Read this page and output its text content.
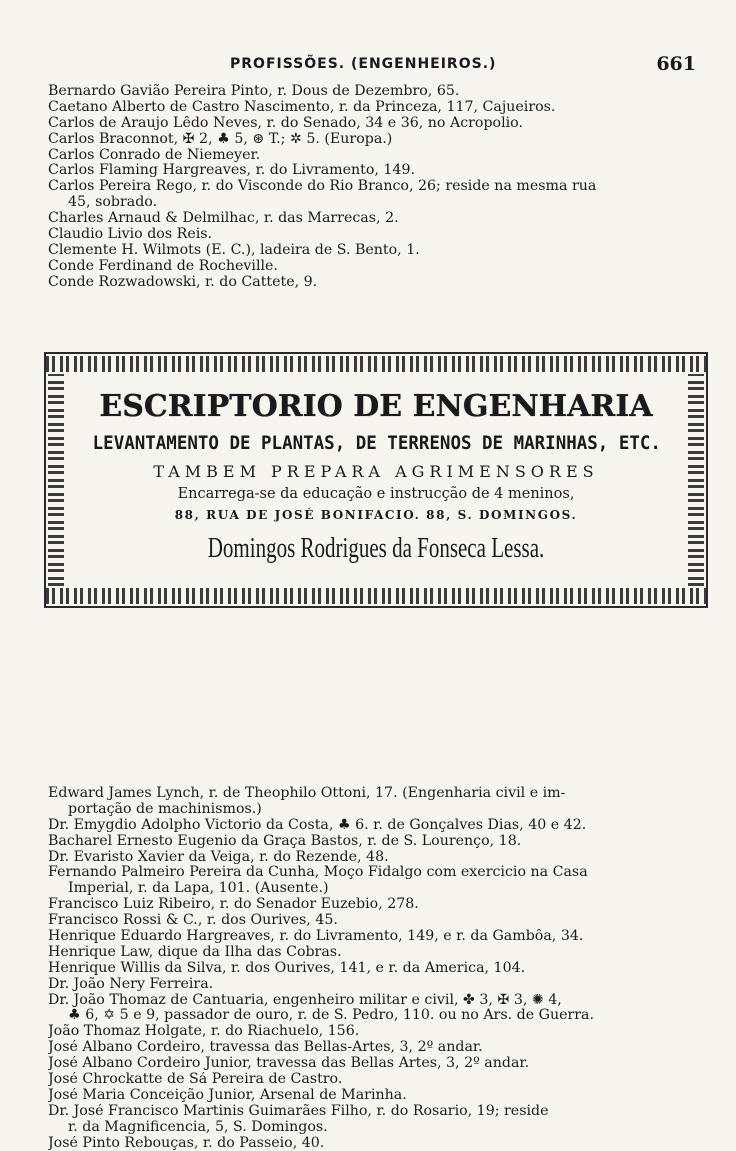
PROFISSÕES. (ENGENHEIROS.)	661
Bernardo Gavião Pereira Pinto, r. Dous de Dezembro, 65.
Caetano Alberto de Castro Nascimento, r. da Princeza, 117, Cajueiros.
Carlos de Araujo Lêdo Neves, r. do Senado, 34 e 36, no Acropolio.
Carlos Braconnot, ✠ 2, ♣ 5, ⊛ T.; ✲ 5. (Europa.)
Carlos Conrado de Niemeyer.
Carlos Flaming Hargreaves, r. do Livramento, 149.
Carlos Pereira Rego, r. do Visconde do Rio Branco, 26; reside na mesma rua
45, sobrado.
Charles Arnaud & Delmilhac, r. das Marrecas, 2.
Claudio Livio dos Reis.
Clemente H. Wilmots (E. C.), ladeira de S. Bento, 1.
Conde Ferdinand de Rocheville.
Conde Rozwadowski, r. do Cattete, 9.
ESCRIPTORIO DE ENGENHARIA
LEVANTAMENTO DE PLANTAS, DE TERRENOS DE MARINHAS, ETC.
TAMBEM PREPARA AGRIMENSORES
Encarrega-se da educação e instrucção de 4 meninos,
88, RUA DE JOSÉ BONIFACIO. 88, S. DOMINGOS.
Domingos Rodrigues da Fonseca Lessa.
Edward James Lynch, r. de Theophilo Ottoni, 17. (Engenharia civil e im-
portação de machinismos.)
Dr. Emygdio Adolpho Victorio da Costa, ♣ 6. r. de Gonçalves Dias, 40 e 42.
Bacharel Ernesto Eugenio da Graça Bastos, r. de S. Lourenço, 18.
Dr. Evaristo Xavier da Veiga, r. do Rezende, 48.
Fernando Palmeiro Pereira da Cunha, Moço Fidalgo com exercicio na Casa
Imperial, r. da Lapa, 101. (Ausente.)
Francisco Luiz Ribeiro, r. do Senador Euzebio, 278.
Francisco Rossi & C., r. dos Ourives, 45.
Henrique Eduardo Hargreaves, r. do Livramento, 149, e r. da Gambôa, 34.
Henrique Law, dique da Ilha das Cobras.
Henrique Willis da Silva, r. dos Ourives, 141, e r. da America, 104.
Dr. João Nery Ferreira.
Dr. João Thomaz de Cantuaria, engenheiro militar e civil, ✤ 3, ✠ 3, ✺ 4,
♣ 6, ✡ 5 e 9, passador de ouro, r. de S. Pedro, 110. ou no Ars. de Guerra.
João Thomaz Holgate, r. do Riachuelo, 156.
José Albano Cordeiro, travessa das Bellas-Artes, 3, 2º andar.
José Albano Cordeiro Junior, travessa das Bellas Artes, 3, 2º andar.
José Chrockatte de Sá Pereira de Castro.
José Maria Conceição Junior, Arsenal de Marinha.
Dr. José Francisco Martinis Guimarães Filho, r. do Rosario, 19; reside
r. da Magnificencia, 5, S. Domingos.
José Pinto Rebouças, r. do Passeio, 40.
